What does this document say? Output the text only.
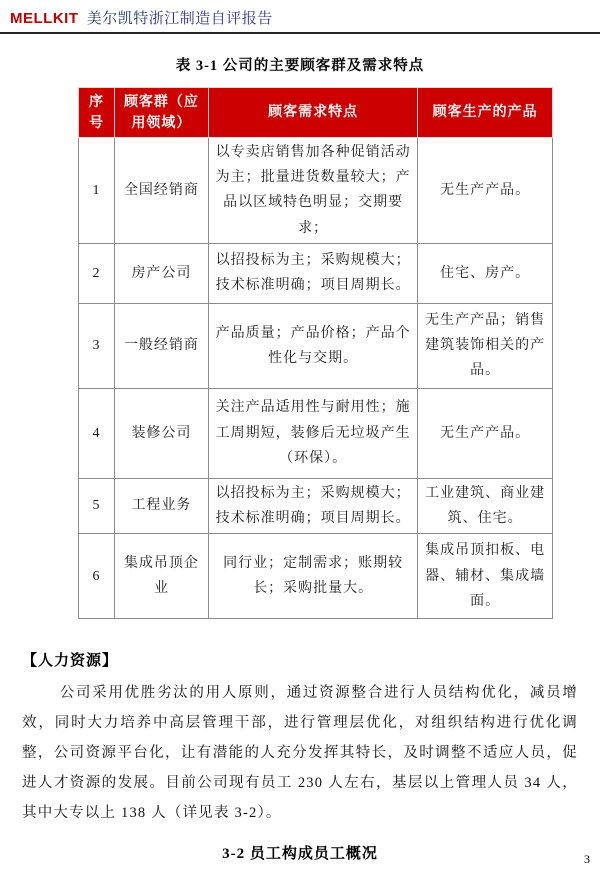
MELLKIT 美尔凯特浙江制造自评报告
表 3-1 公司的主要顾客群及需求特点
序号	顾客群（应用领域）	顾客需求特点	顾客生产的产品
1	全国经销商	以专卖店销售加各种促销活动为主；批量进货数量较大；产品以区域特色明显；交期要求；	无生产产品。
2	房产公司	以招投标为主；采购规模大；技术标准明确；项目周期长。	住宅、房产。
3	一般经销商	产品质量；产品价格；产品个性化与交期。	无生产产品；销售建筑装饰相关的产品。
4	装修公司	关注产品适用性与耐用性；施工周期短，装修后无垃圾产生（环保）。	无生产产品。
5	工程业务	以招投标为主；采购规模大；技术标准明确；项目周期长。	工业建筑、商业建筑、住宅。
6	集成吊顶企业	同行业；定制需求；账期较长；采购批量大。	集成吊顶扣板、电器、辅材、集成墙面。
【人力资源】
公司采用优胜劣汰的用人原则，通过资源整合进行人员结构优化，减员增效，同时大力培养中高层管理干部，进行管理层优化，对组织结构进行优化调整，公司资源平台化，让有潜能的人充分发挥其特长，及时调整不适应人员，促进人才资源的发展。目前公司现有员工 230 人左右，基层以上管理人员 34 人，其中大专以上 138 人（详见表 3-2）。
3-2 员工构成员工概况	3
